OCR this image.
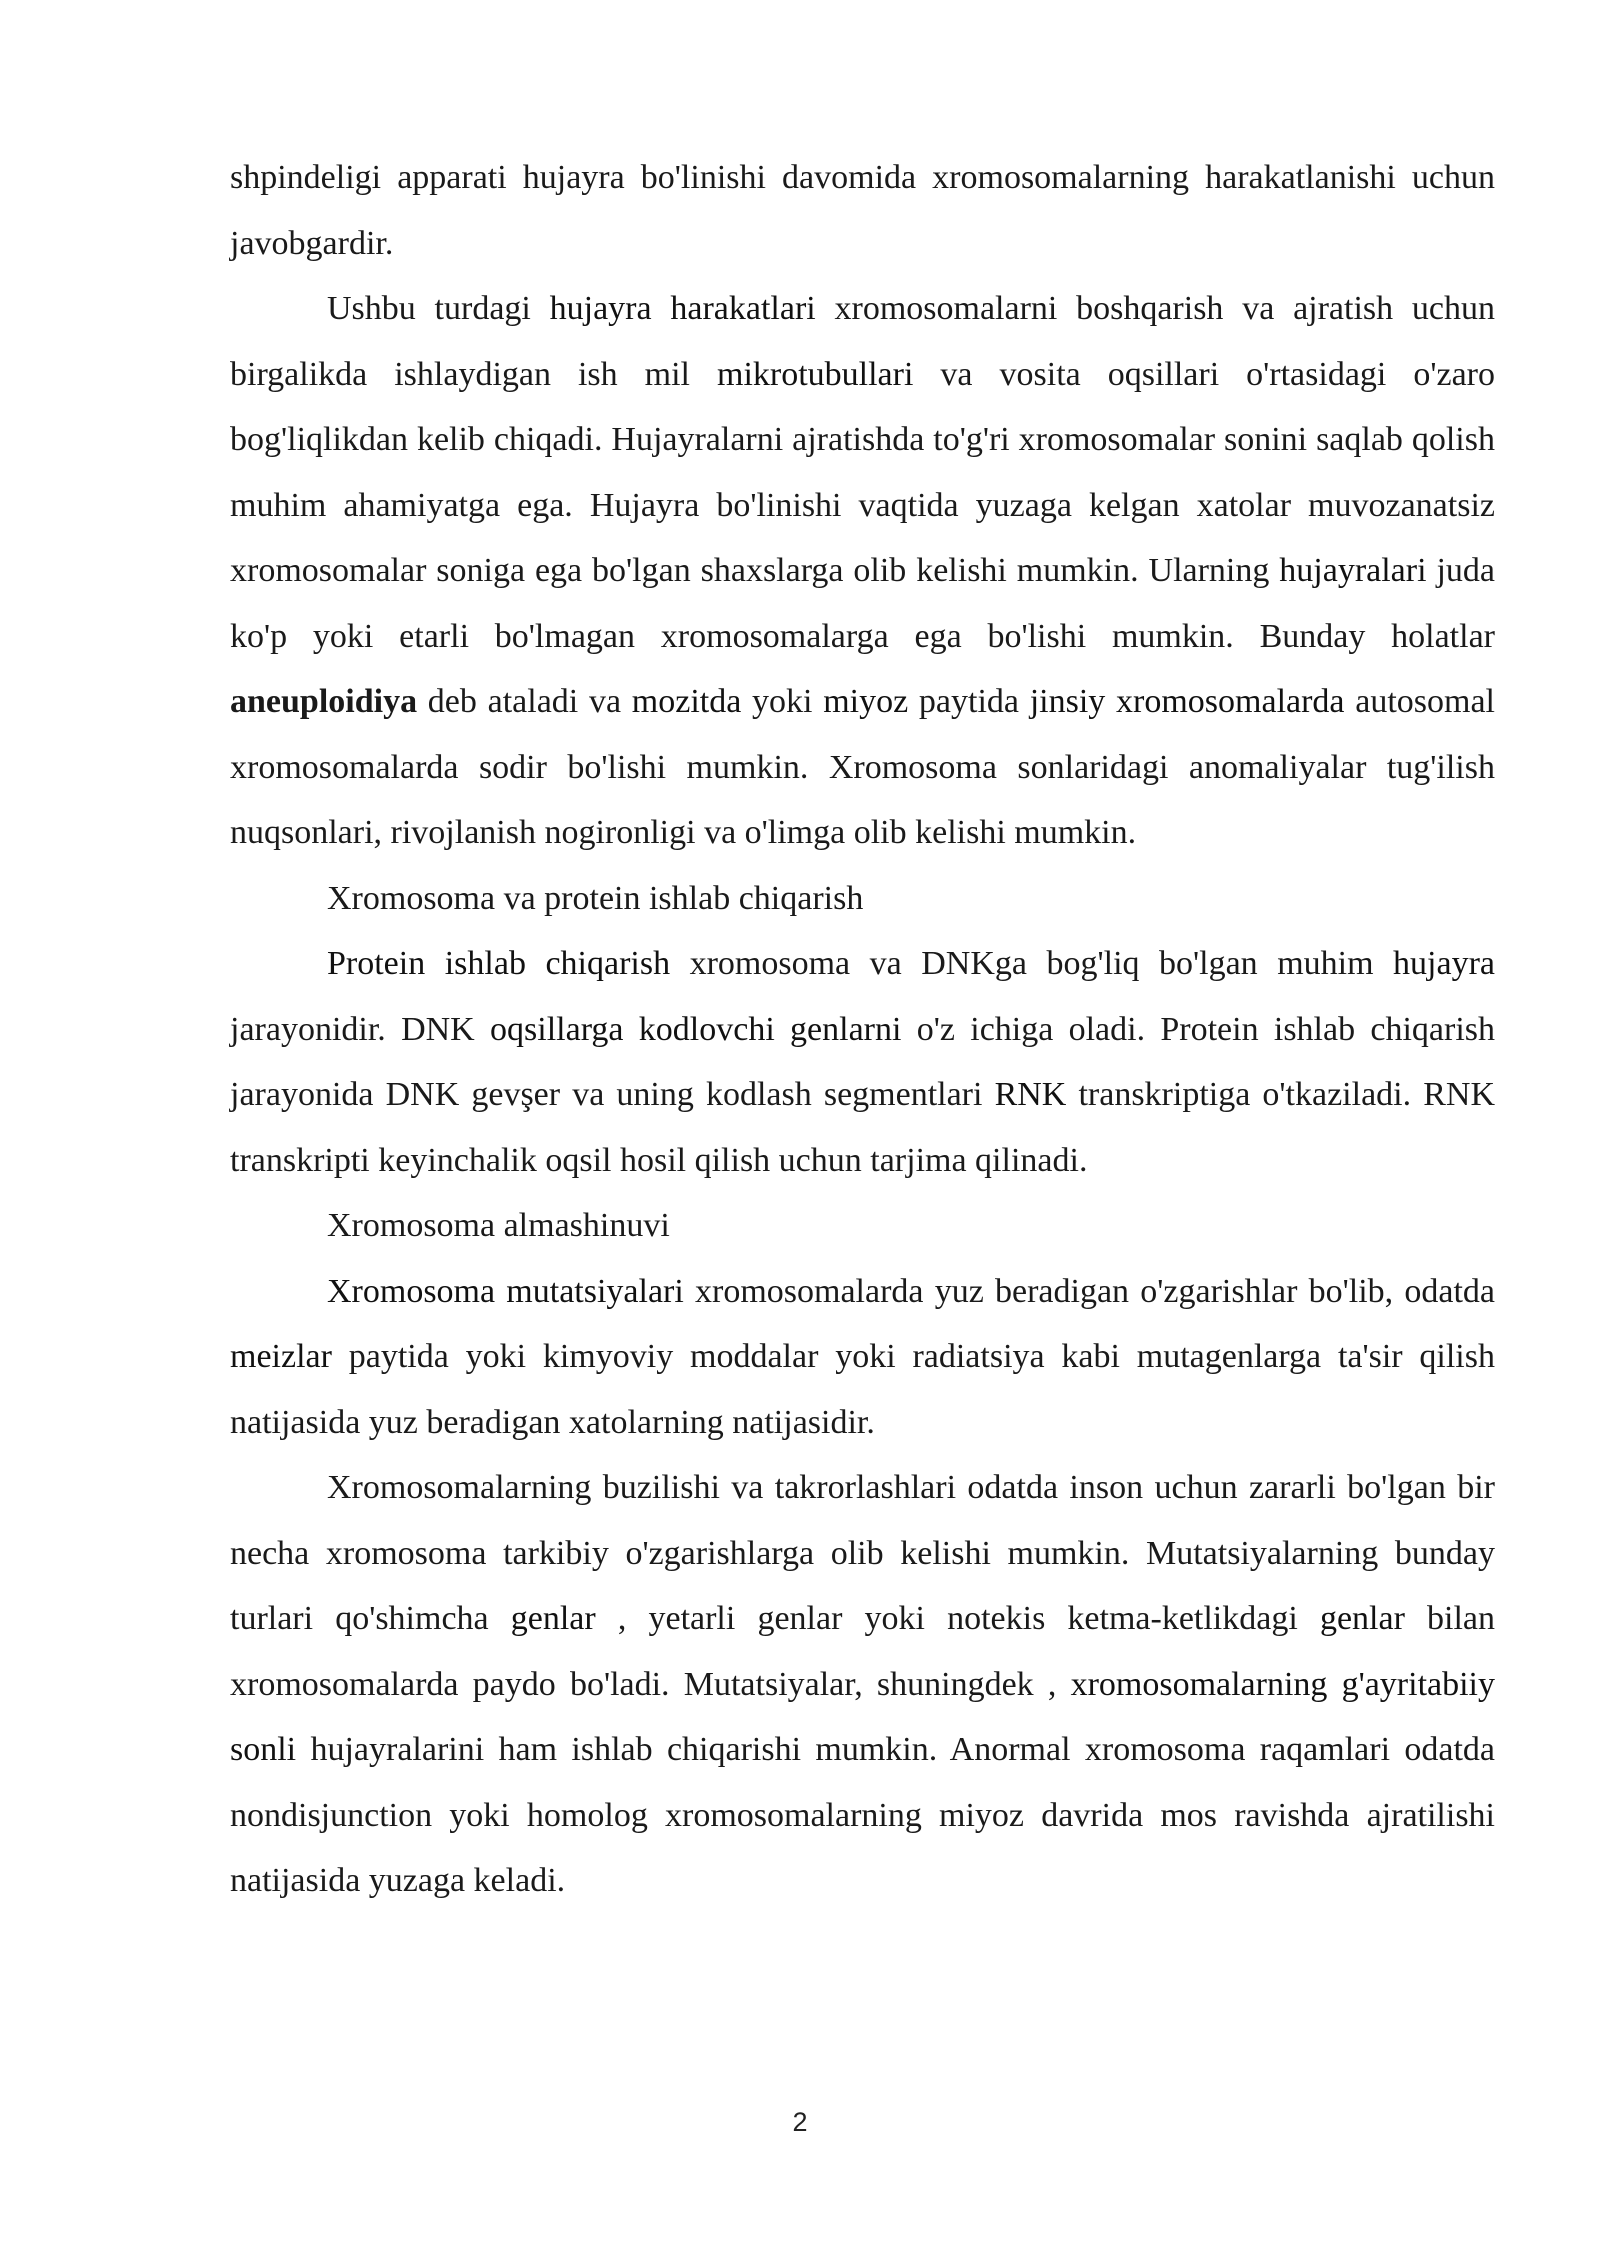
shpindeligi apparati hujayra bo'linishi davomida xromosomalarning harakatlanishi uchun javobgardir.

Ushbu turdagi hujayra harakatlari xromosomalarni boshqarish va ajratish uchun birgalikda ishlaydigan ish mil mikrotubullari va vosita oqsillari o'rtasidagi o'zaro bog'liqlikdan kelib chiqadi. Hujayralarni ajratishda to'g'ri xromosomalar sonini saqlab qolish muhim ahamiyatga ega. Hujayra bo'linishi vaqtida yuzaga kelgan xatolar muvozanatsiz xromosomalar soniga ega bo'lgan shaxslarga olib kelishi mumkin. Ularning hujayralari juda ko'p yoki etarli bo'lmagan xromosomalarga ega bo'lishi mumkin. Bunday holatlar aneuploidiya deb ataladi va mozitda yoki miyoz paytida jinsiy xromosomalarda autosomal xromosomalarda sodir bo'lishi mumkin. Xromosoma sonlaridagi anomaliyalar tug'ilish nuqsonlari, rivojlanish nogironligi va o'limga olib kelishi mumkin.

Xromosoma va protein ishlab chiqarish

Protein ishlab chiqarish xromosoma va DNKga bog'liq bo'lgan muhim hujayra jarayonidir. DNK oqsillarga kodlovchi genlarni o'z ichiga oladi. Protein ishlab chiqarish jarayonida DNK gevşer va uning kodlash segmentlari RNK transkriptiga o'tkaziladi. RNK transkripti keyinchalik oqsil hosil qilish uchun tarjima qilinadi.

Xromosoma almashinuvi

Xromosoma mutatsiyalari xromosomalarda yuz beradigan o'zgarishlar bo'lib, odatda meizlar paytida yoki kimyoviy moddalar yoki radiatsiya kabi mutagenlarga ta'sir qilish natijasida yuz beradigan xatolarning natijasidir.

Xromosomalarning buzilishi va takrorlashlari odatda inson uchun zararli bo'lgan bir necha xromosoma tarkibiy o'zgarishlarga olib kelishi mumkin. Mutatsiyalarning bunday turlari qo'shimcha genlar , yetarli genlar yoki notekis ketma-ketlikdagi genlar bilan xromosomalarda paydo bo'ladi. Mutatsiyalar, shuningdek , xromosomalarning g'ayritabiiy sonli hujayralarini ham ishlab chiqarishi mumkin. Anormal xromosoma raqamlari odatda nondisjunction yoki homolog xromosomalarning miyoz davrida mos ravishda ajratilishi natijasida yuzaga keladi.

2
